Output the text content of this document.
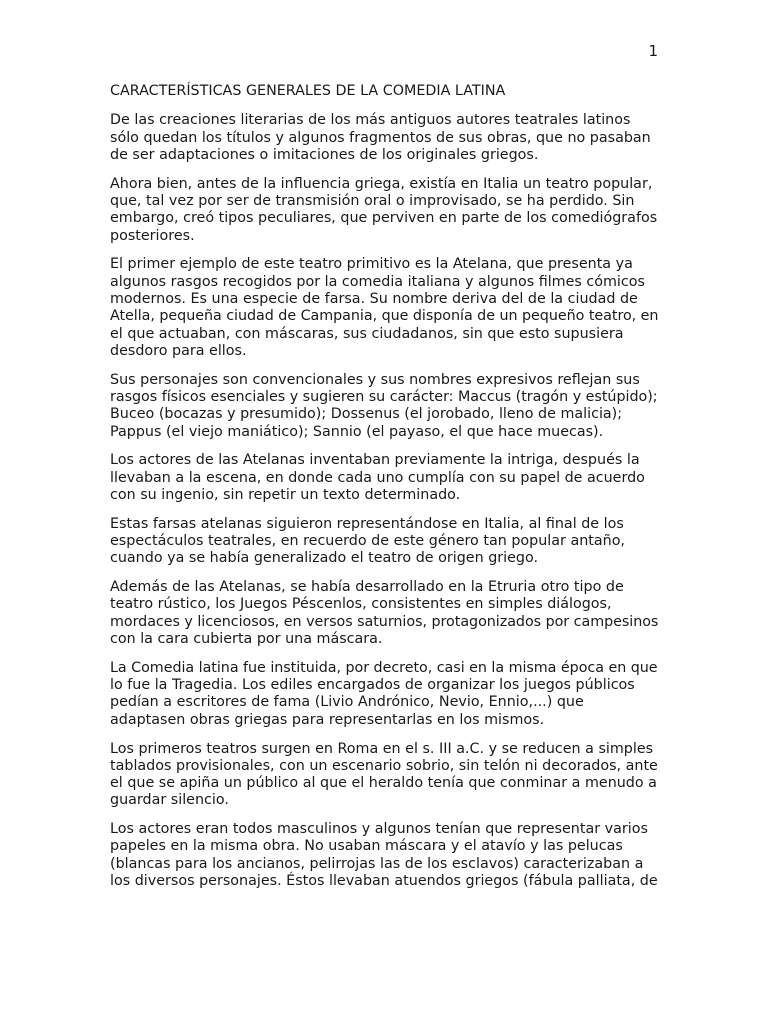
1
CARACTERÍSTICAS GENERALES DE LA COMEDIA LATINA

De las creaciones literarias de los más antiguos autores teatrales latinos
sólo quedan los títulos y algunos fragmentos de sus obras, que no pasaban
de ser adaptaciones o imitaciones de los originales griegos.

Ahora bien, antes de la influencia griega, existía en Italia un teatro popular,
que, tal vez por ser de transmisión oral o improvisado, se ha perdido. Sin
embargo, creó tipos peculiares, que perviven en parte de los comediógrafos
posteriores.

El primer ejemplo de este teatro primitivo es la Atelana, que presenta ya
algunos rasgos recogidos por la comedia italiana y algunos filmes cómicos
modernos. Es una especie de farsa. Su nombre deriva del de la ciudad de
Atella, pequeña ciudad de Campania, que disponía de un pequeño teatro, en
el que actuaban, con máscaras, sus ciudadanos, sin que esto supusiera
desdoro para ellos.

Sus personajes son convencionales y sus nombres expresivos reflejan sus
rasgos físicos esenciales y sugieren su carácter: Maccus (tragón y estúpido);
Buceo (bocazas y presumido); Dossenus (el jorobado, lleno de malicia);
Pappus (el viejo maniático); Sannio (el payaso, el que hace muecas).

Los actores de las Atelanas inventaban previamente la intriga, después la
llevaban a la escena, en donde cada uno cumplía con su papel de acuerdo
con su ingenio, sin repetir un texto determinado.

Estas farsas atelanas siguieron representándose en Italia, al final de los
espectáculos teatrales, en recuerdo de este género tan popular antaño,
cuando ya se había generalizado el teatro de origen griego.

Además de las Atelanas, se había desarrollado en la Etruria otro tipo de
teatro rústico, los Juegos Péscenlos, consistentes en simples diálogos,
mordaces y licenciosos, en versos saturnios, protagonizados por campesinos
con la cara cubierta por una máscara.

La Comedia latina fue instituida, por decreto, casi en la misma época en que
lo fue la Tragedia. Los ediles encargados de organizar los juegos públicos
pedían a escritores de fama (Livio Andrónico, Nevio, Ennio,...) que
adaptasen obras griegas para representarlas en los mismos.

Los primeros teatros surgen en Roma en el s. III a.C. y se reducen a simples
tablados provisionales, con un escenario sobrio, sin telón ni decorados, ante
el que se apiña un público al que el heraldo tenía que conminar a menudo a
guardar silencio.

Los actores eran todos masculinos y algunos tenían que representar varios
papeles en la misma obra. No usaban máscara y el atavío y las pelucas
(blancas para los ancianos, pelirrojas las de los esclavos) caracterizaban a
los diversos personajes. Éstos llevaban atuendos griegos (fábula palliata, de
